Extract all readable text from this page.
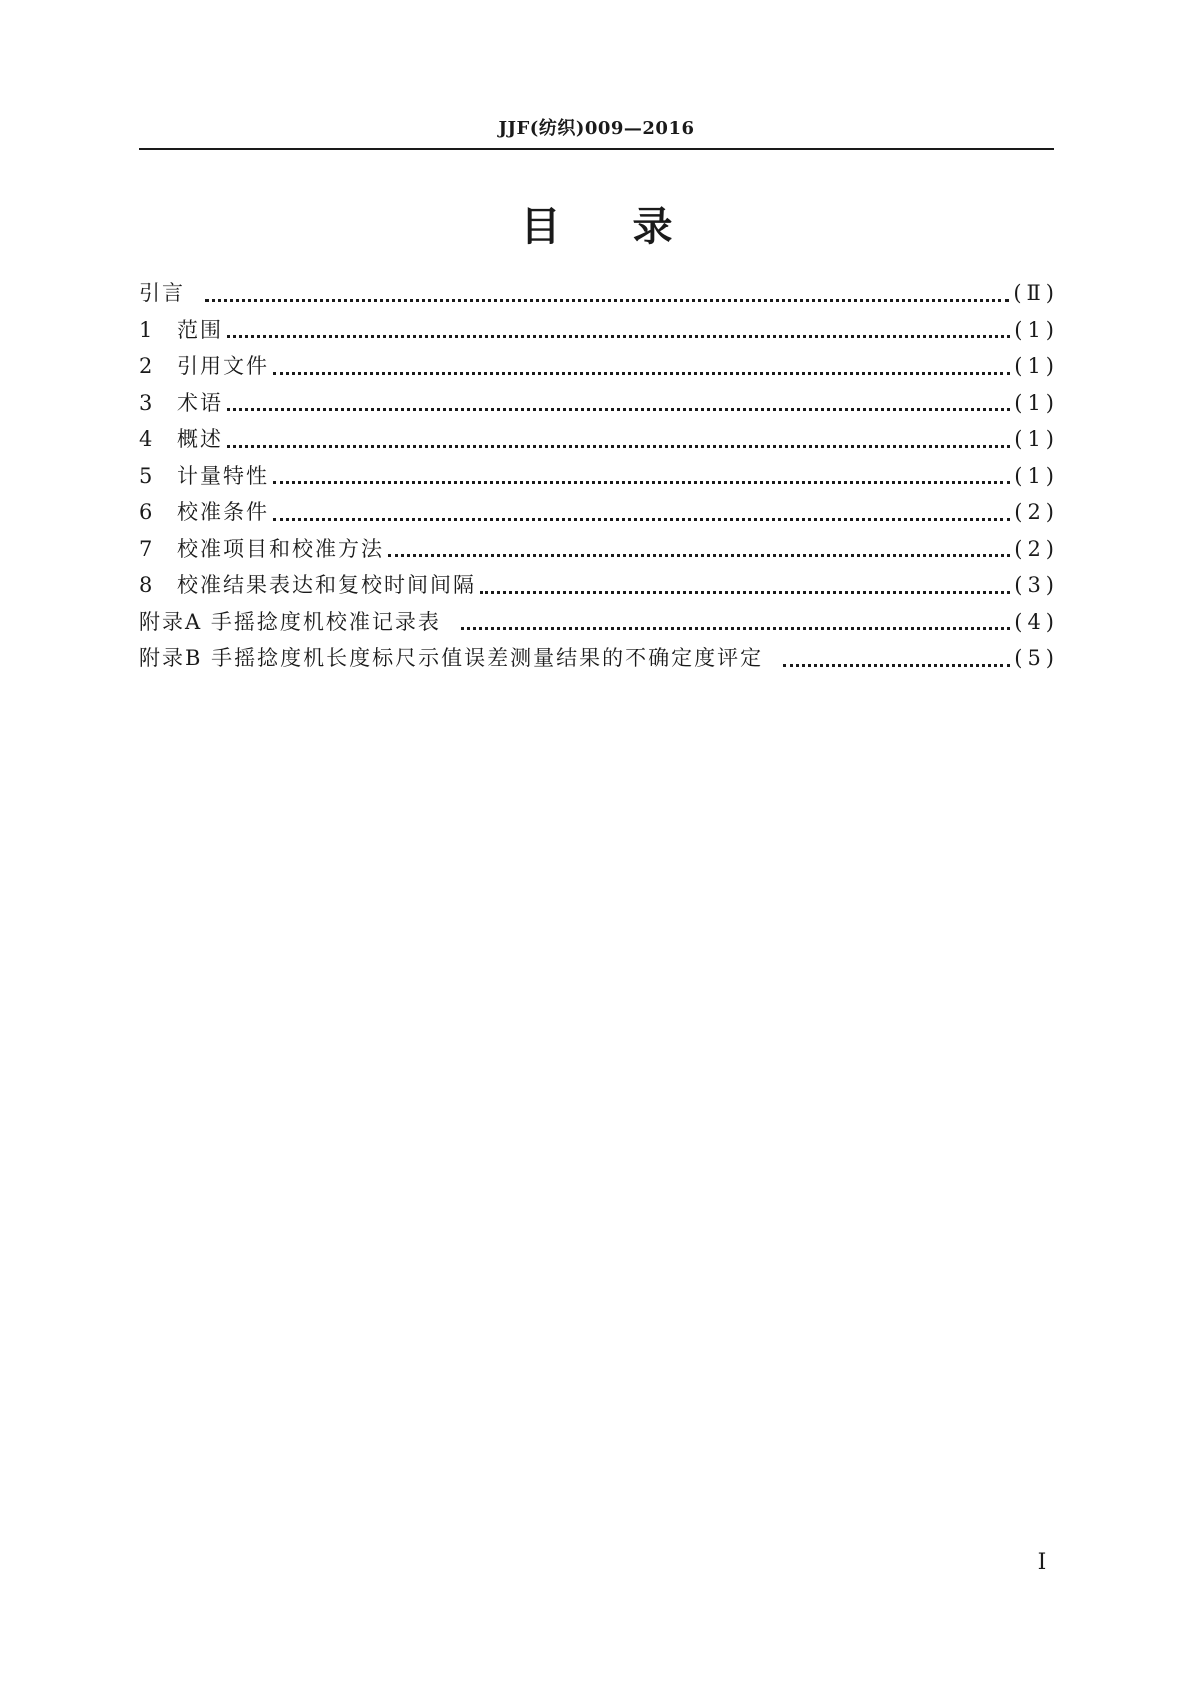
JJF(纺织)009—2016
目 录
引言	(Ⅱ)
1	范围	(1)
2	引用文件	(1)
3	术语	(1)
4	概述	(1)
5	计量特性	(1)
6	校准条件	(2)
7	校准项目和校准方法	(2)
8	校准结果表达和复校时间间隔	(3)
附录A 手摇捻度机校准记录表	(4)
附录B 手摇捻度机长度标尺示值误差测量结果的不确定度评定	(5)
Ⅰ
